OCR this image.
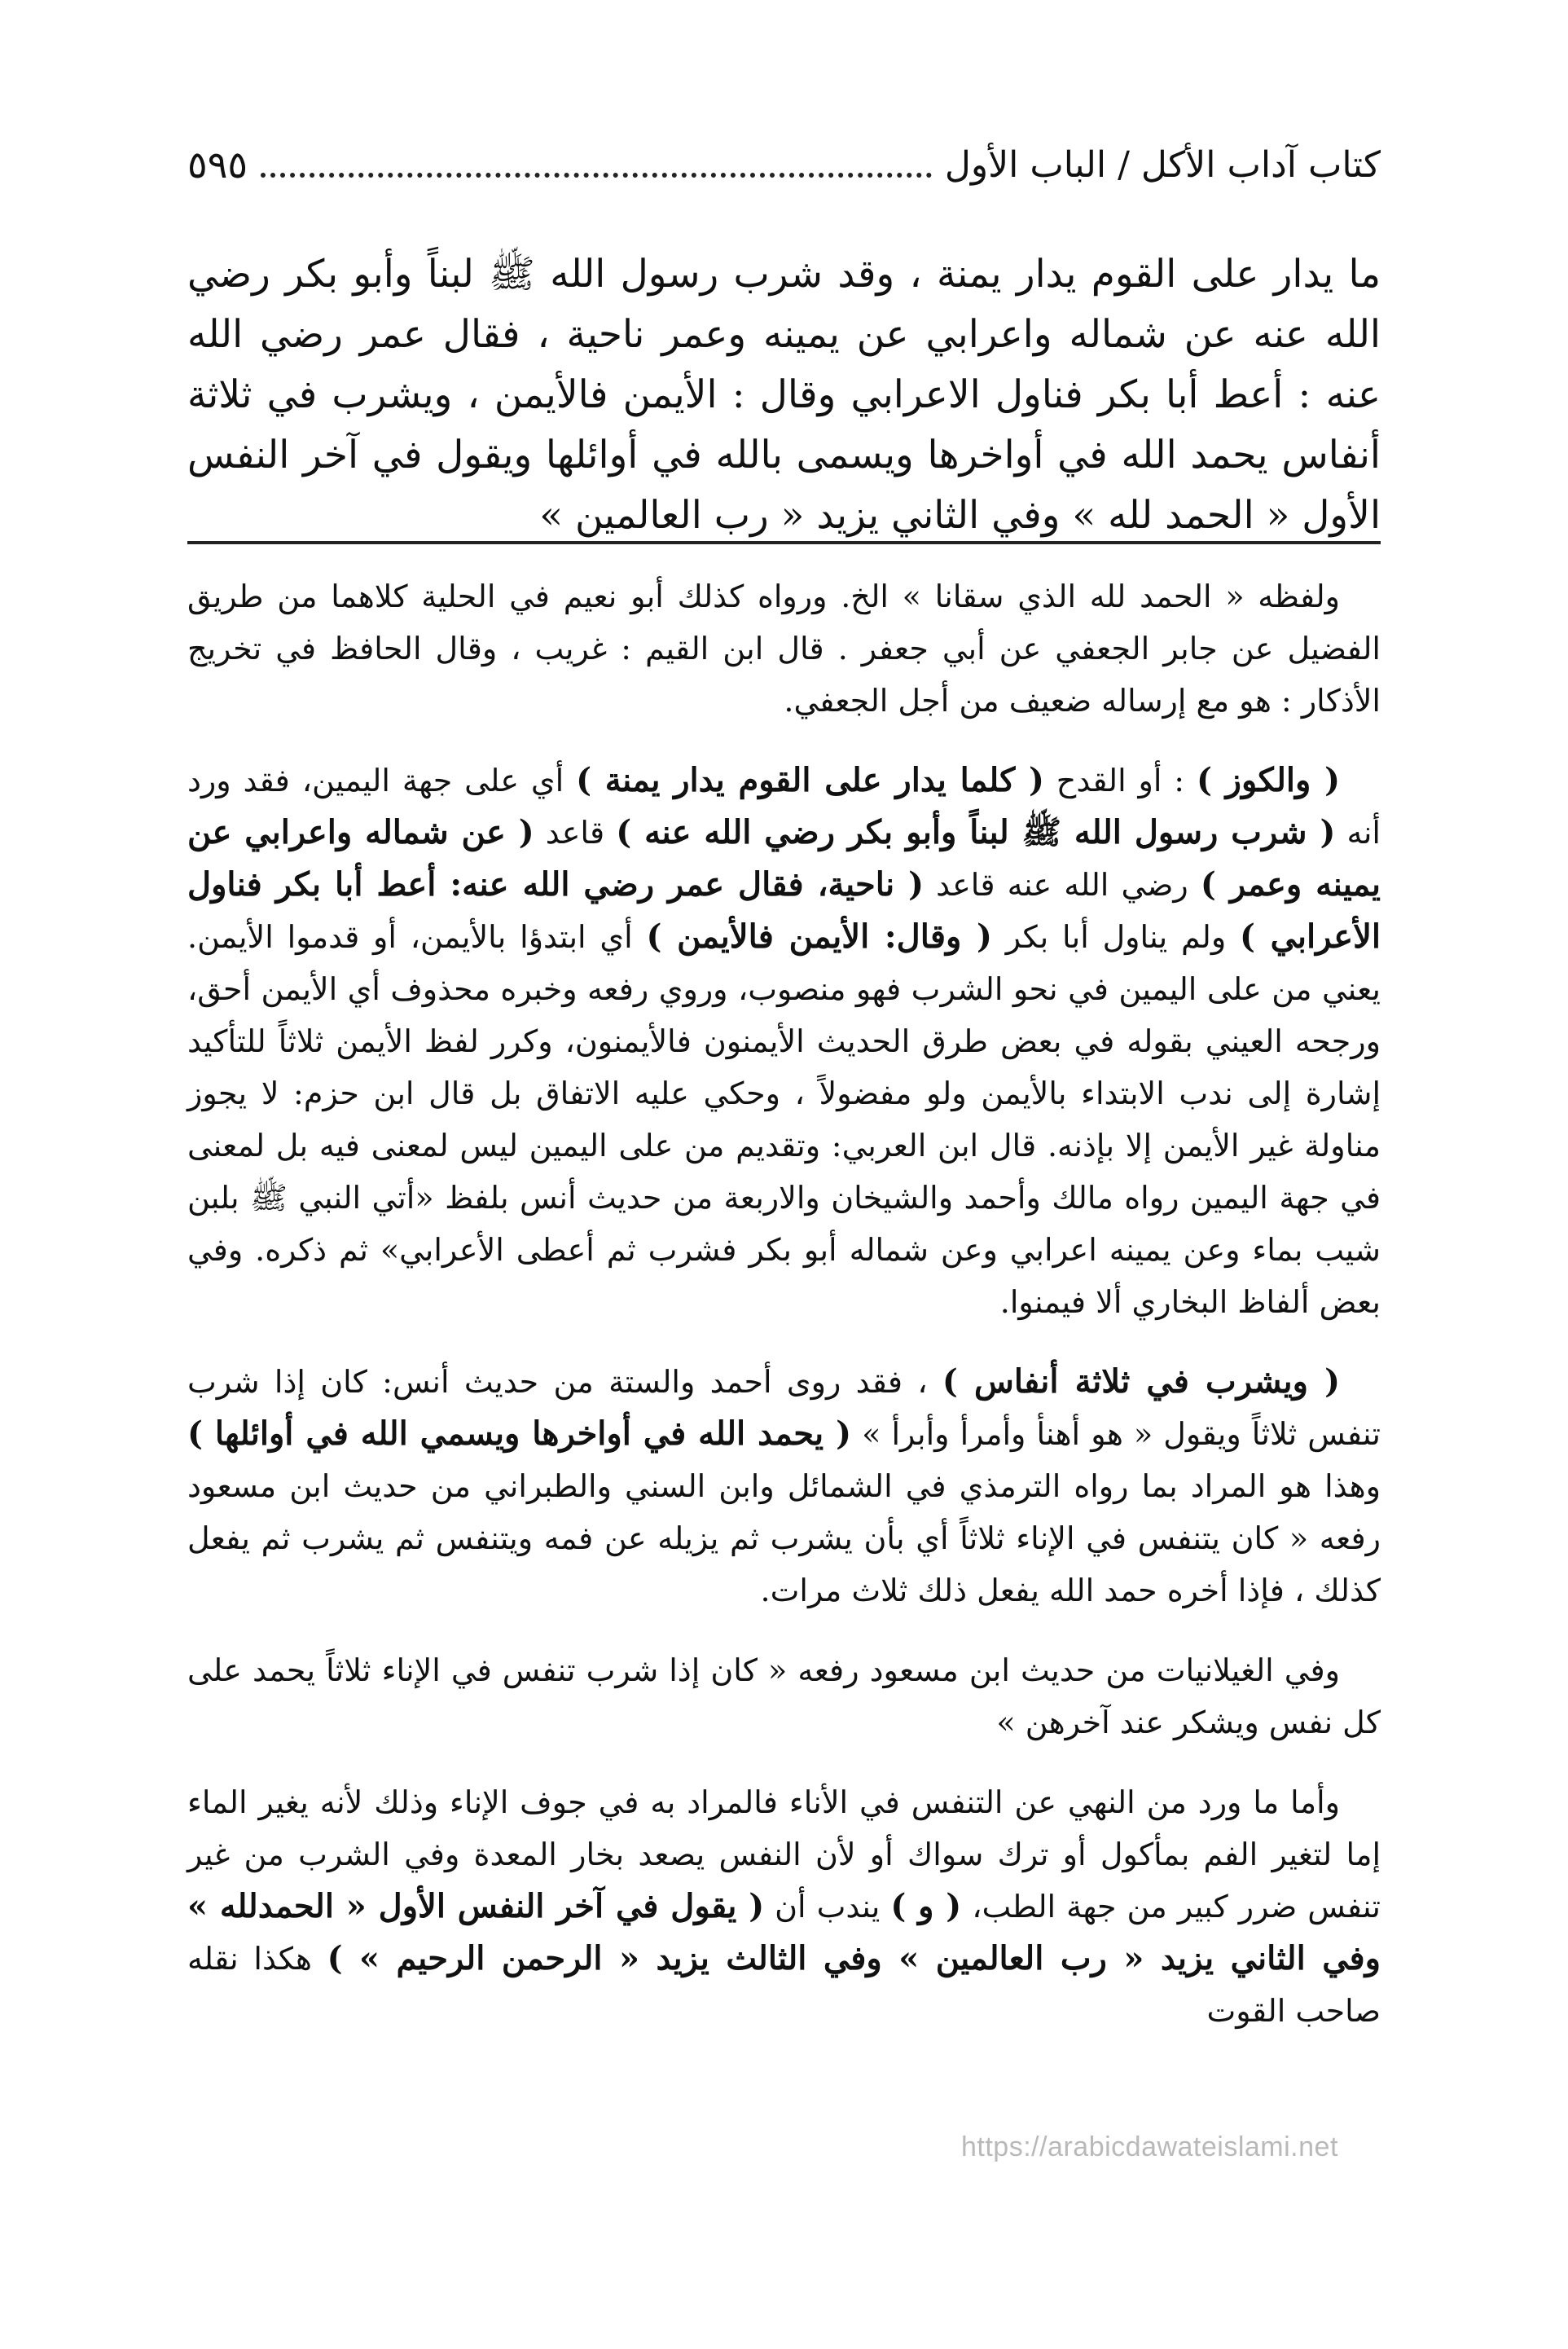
كتاب آداب الأكل / الباب الأول
٥٩٥

ما يدار على القوم يدار يمنة ، وقد شرب رسول الله ﷺ لبناً وأبو بكر رضي الله عنه عن شماله واعرابي عن يمينه وعمر ناحية ، فقال عمر رضي الله عنه : أعط أبا بكر فناول الاعرابي وقال : الأيمن فالأيمن ، ويشرب في ثلاثة أنفاس يحمد الله في أواخرها ويسمى بالله في أوائلها ويقول في آخر النفس الأول « الحمد لله » وفي الثاني يزيد « رب العالمين »

ولفظه « الحمد لله الذي سقانا » الخ. ورواه كذلك أبو نعيم في الحلية كلاهما من طريق الفضيل عن جابر الجعفي عن أبي جعفر . قال ابن القيم : غريب ، وقال الحافظ في تخريج الأذكار : هو مع إرساله ضعيف من أجل الجعفي.

( والكوز ) : أو القدح ( كلما يدار على القوم يدار يمنة ) أي على جهة اليمين، فقد ورد أنه ( شرب رسول الله ﷺ لبناً وأبو بكر رضي الله عنه ) قاعد ( عن شماله واعرابي عن يمينه وعمر ) رضي الله عنه قاعد ( ناحية، فقال عمر رضي الله عنه: أعط أبا بكر فناول الأعرابي ) ولم يناول أبا بكر ( وقال: الأيمن فالأيمن ) أي ابتدؤا بالأيمن، أو قدموا الأيمن. يعني من على اليمين في نحو الشرب فهو منصوب، وروي رفعه وخبره محذوف أي الأيمن أحق، ورجحه العيني بقوله في بعض طرق الحديث الأيمنون فالأيمنون، وكرر لفظ الأيمن ثلاثاً للتأكيد إشارة إلى ندب الابتداء بالأيمن ولو مفضولاً ، وحكي عليه الاتفاق بل قال ابن حزم: لا يجوز مناولة غير الأيمن إلا بإذنه. قال ابن العربي: وتقديم من على اليمين ليس لمعنى فيه بل لمعنى في جهة اليمين رواه مالك وأحمد والشيخان والاربعة من حديث أنس بلفظ «أتي النبي ﷺ بلبن شيب بماء وعن يمينه اعرابي وعن شماله أبو بكر فشرب ثم أعطى الأعرابي» ثم ذكره. وفي بعض ألفاظ البخاري ألا فيمنوا.

( ويشرب في ثلاثة أنفاس ) ، فقد روى أحمد والستة من حديث أنس: كان إذا شرب تنفس ثلاثاً ويقول « هو أهنأ وأمرأ وأبرأ » ( يحمد الله في أواخرها ويسمي الله في أوائلها ) وهذا هو المراد بما رواه الترمذي في الشمائل وابن السني والطبراني من حديث ابن مسعود رفعه « كان يتنفس في الإناء ثلاثاً أي بأن يشرب ثم يزيله عن فمه ويتنفس ثم يشرب ثم يفعل كذلك ، فإذا أخره حمد الله يفعل ذلك ثلاث مرات.

وفي الغيلانيات من حديث ابن مسعود رفعه « كان إذا شرب تنفس في الإناء ثلاثاً يحمد على كل نفس ويشكر عند آخرهن »

وأما ما ورد من النهي عن التنفس في الأناء فالمراد به في جوف الإناء وذلك لأنه يغير الماء إما لتغير الفم بمأكول أو ترك سواك أو لأن النفس يصعد بخار المعدة وفي الشرب من غير تنفس ضرر كبير من جهة الطب، ( و ) يندب أن ( يقول في آخر النفس الأول « الحمدلله » وفي الثاني يزيد « رب العالمين » وفي الثالث يزيد « الرحمن الرحيم » ) هكذا نقله صاحب القوت

https://arabicdawateislami.net
